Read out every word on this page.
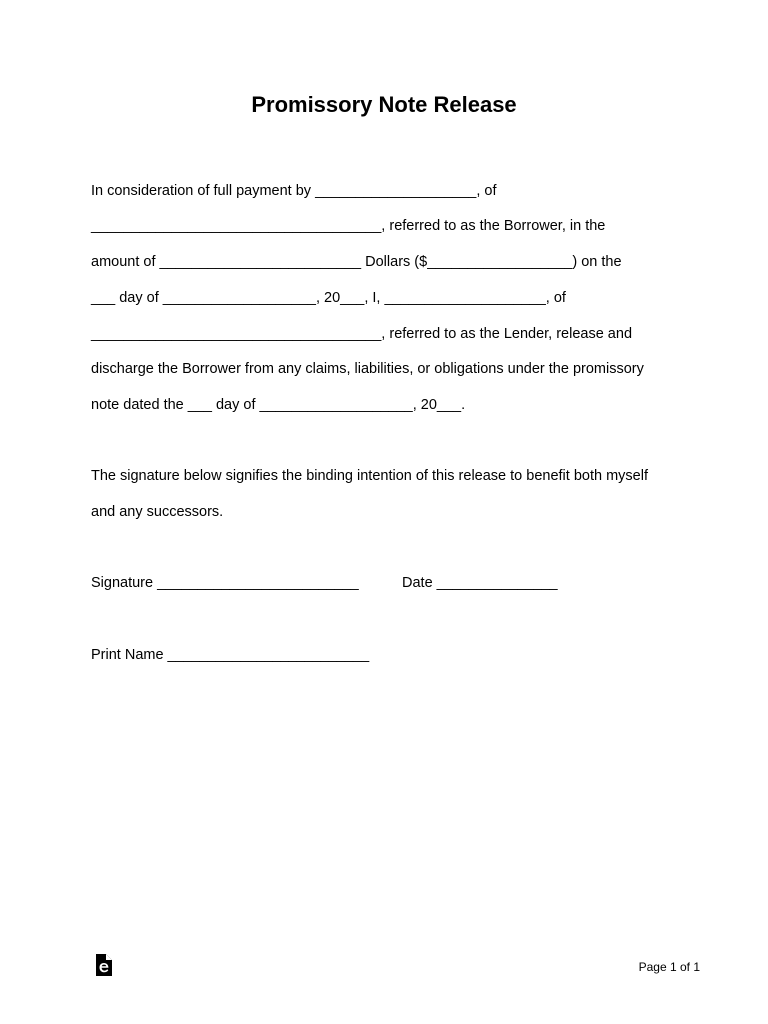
Promissory Note Release
In consideration of full payment by ____________________, of
____________________________________, referred to as the Borrower, in the
amount of _________________________ Dollars ($__________________) on the
___ day of ___________________, 20___, I, ____________________, of
____________________________________, referred to as the Lender, release and
discharge the Borrower from any claims, liabilities, or obligations under the promissory
note dated the ___ day of ___________________, 20___.
The signature below signifies the binding intention of this release to benefit both myself
and any successors.
Signature _________________________	Date _______________
Print Name _________________________
Page 1 of 1
